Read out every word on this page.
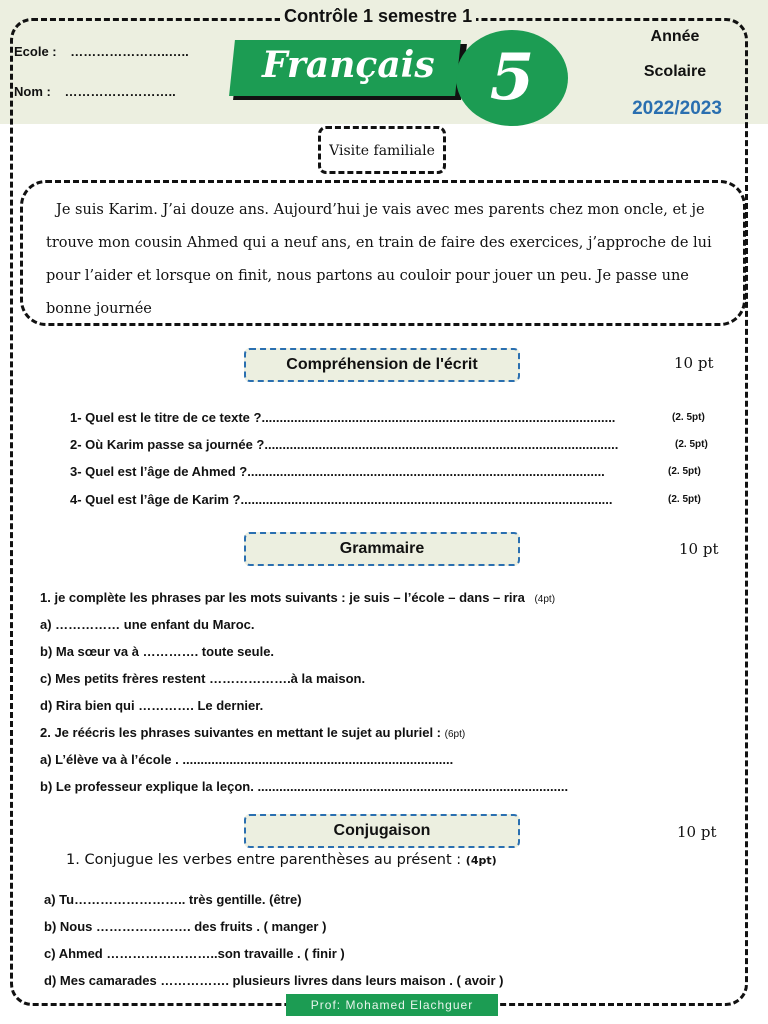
Contrôle 1 semestre 1
Ecole : …………………..…..
Nom : ……………………..
Français 5
Année
Scolaire
2022/2023
Visite familiale
Je suis Karim. J’ai douze ans. Aujourd’hui je vais avec mes parents chez mon oncle, et je trouve mon cousin Ahmed qui a neuf ans, en train de faire des exercices, j’approche de lui pour l’aider et lorsque on finit, nous partons au couloir pour jouer un peu. Je passe une bonne journée
Compréhension de l'écrit	10 pt
1- Quel est le titre de ce texte ?..................................................................................................	(2. 5pt)
2- Où Karim passe sa journée ?..................................................................................................	(2. 5pt)
3- Quel est l’âge de Ahmed ?...................................................................................................	(2. 5pt)
4- Quel est l’âge de Karim ?.......................................................................................................	(2. 5pt)
Grammaire	10 pt
1. je complète les phrases par les mots suivants : je suis – l’école – dans – rira (4pt)
a) …………… une enfant du Maroc.
b) Ma sœur va à …………. toute seule.
c) Mes petits frères restent ……………….à la maison.
d) Rira bien qui …………. Le dernier.
2. Je réécris les phrases suivantes en mettant le sujet au pluriel : (6pt)
a) L’élève va à l’école . ...........................................................................
b) Le professeur explique la leçon. ......................................................................................
Conjugaison	10 pt
1. Conjugue les verbes entre parenthèses au présent : (4pt)
a) Tu…………………….. très gentille. (être)
b) Nous …………………. des fruits . ( manger )
c) Ahmed ……………………..son travaille . ( finir )
d) Mes camarades ……………. plusieurs livres dans leurs maison . ( avoir )
Prof: Mohamed Elachguer
